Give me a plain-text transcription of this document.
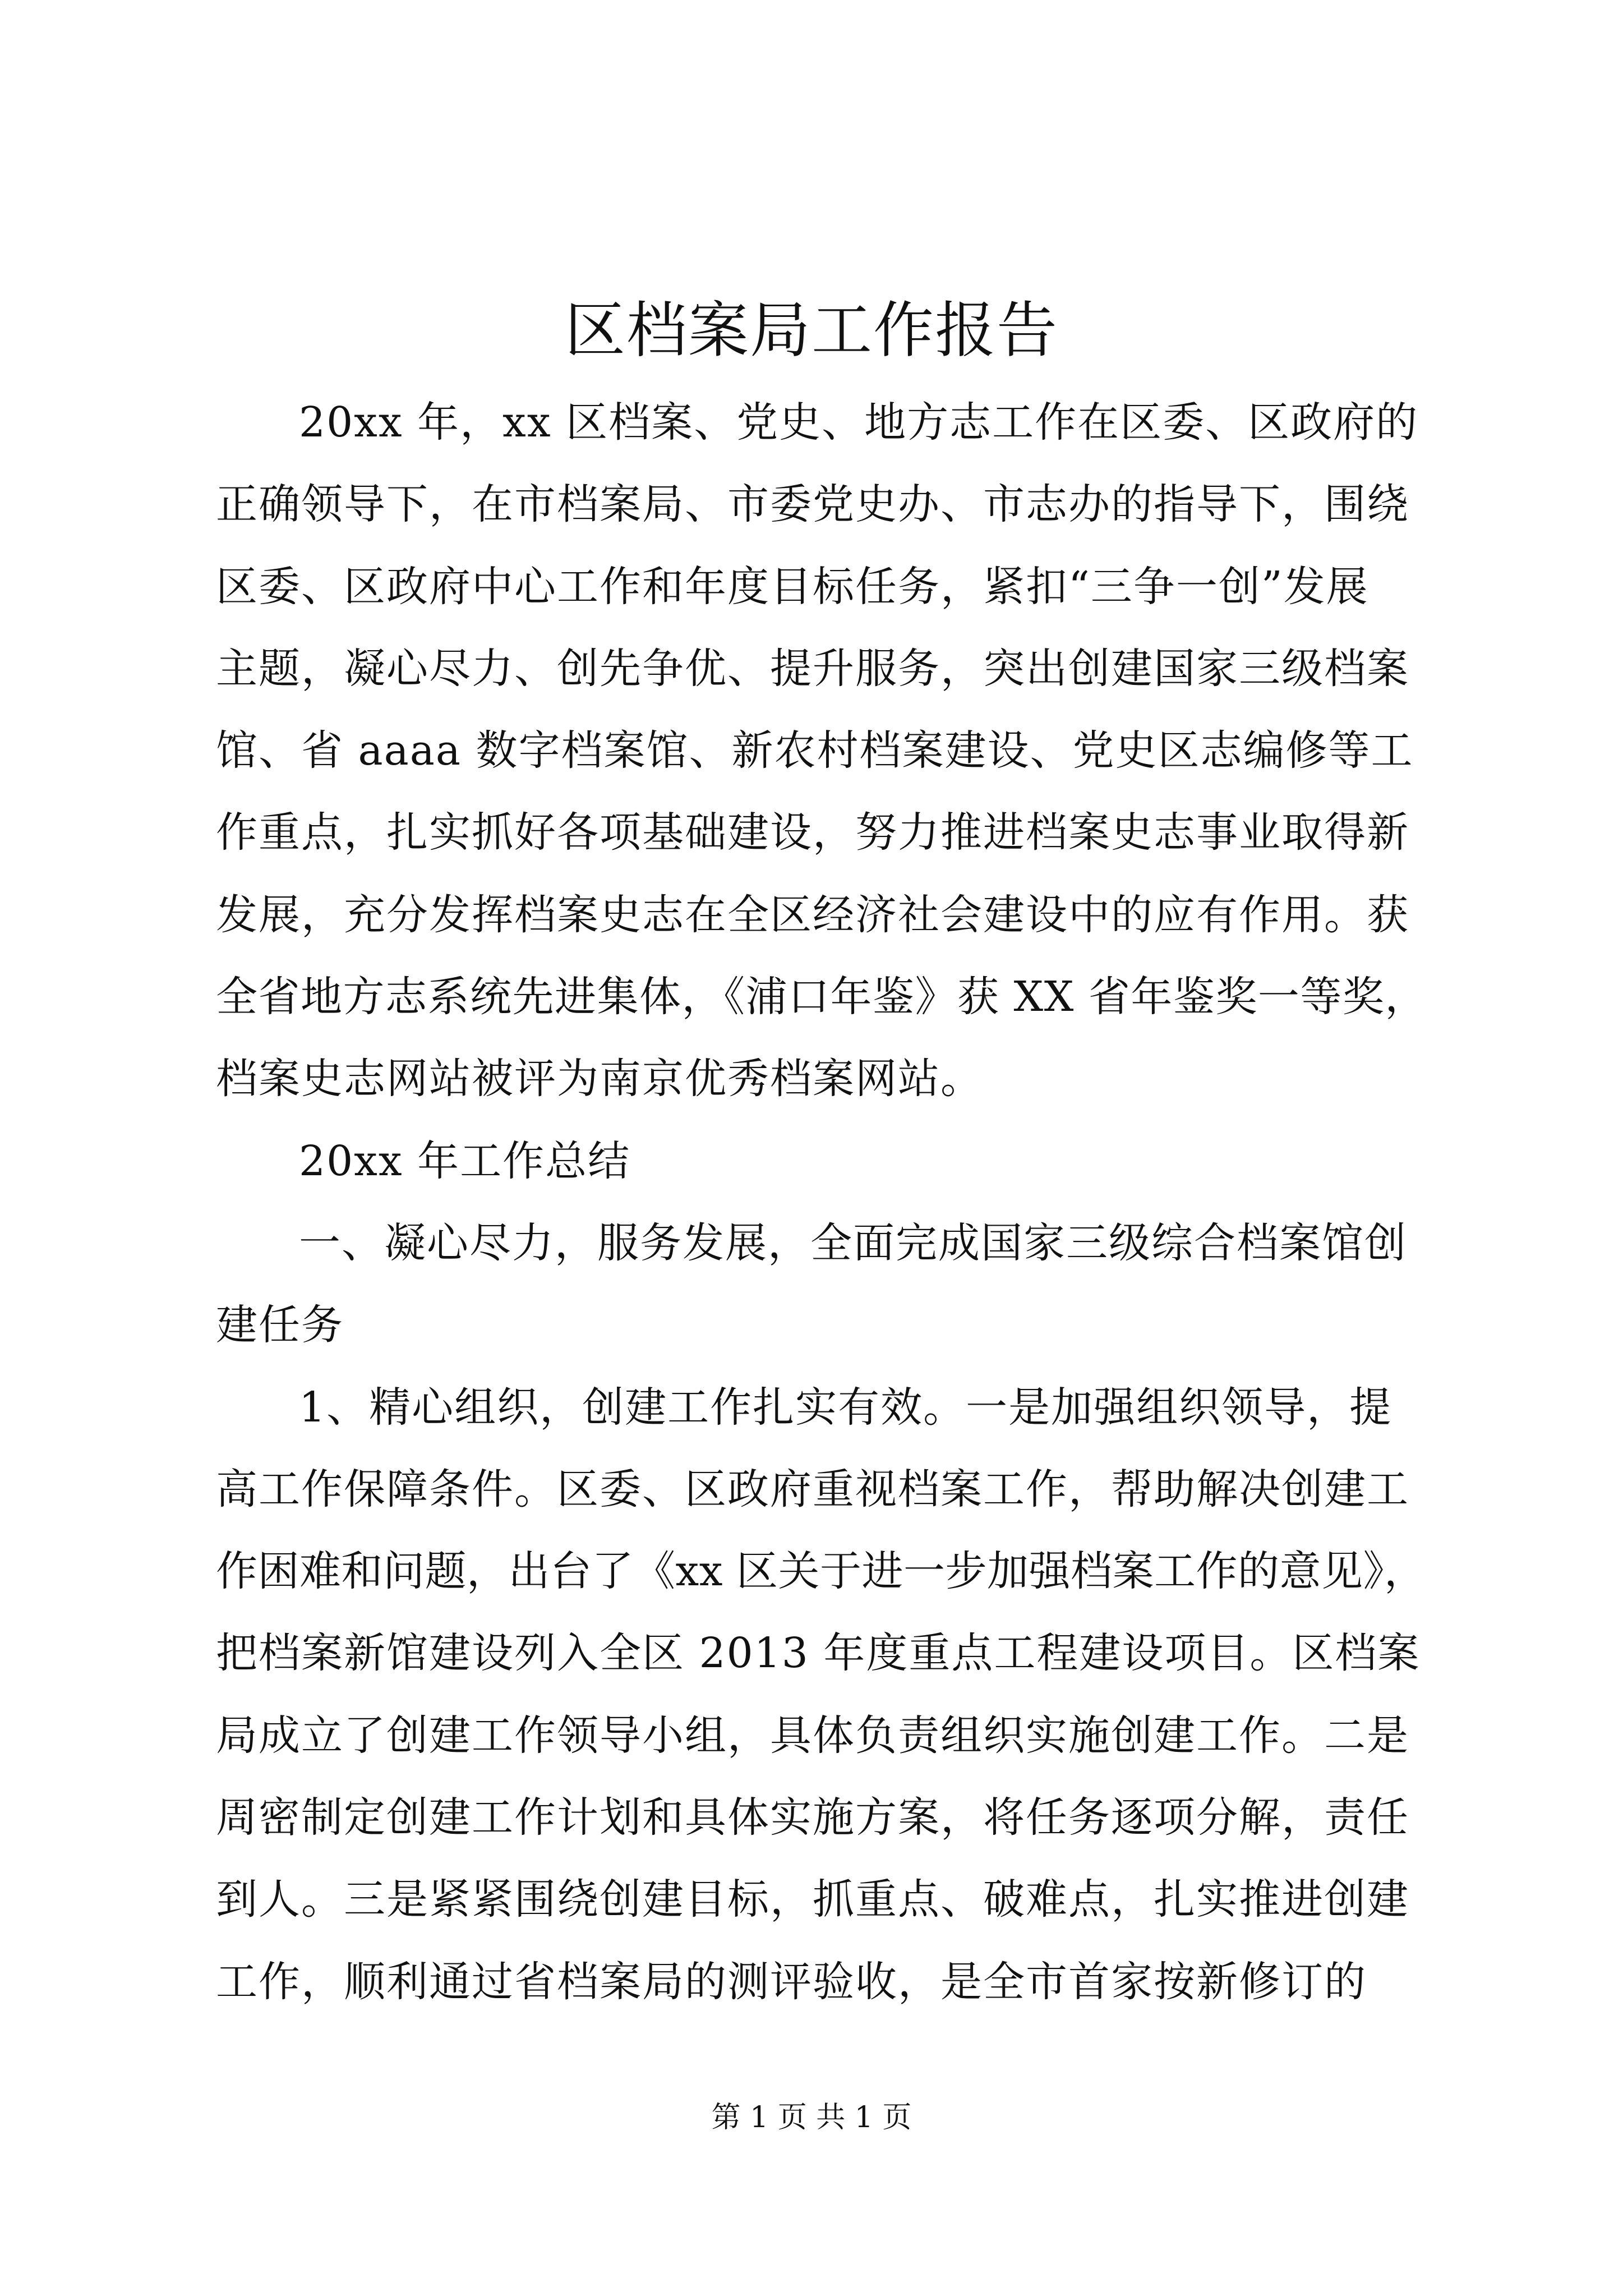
区档案局工作报告

20xx 年，xx 区档案、党史、地方志工作在区委、区政府的
正确领导下，在市档案局、市委党史办、市志办的指导下，围绕
区委、区政府中心工作和年度目标任务，紧扣“三争一创”发展
主题，凝心尽力、创先争优、提升服务，突出创建国家三级档案
馆、省 aaaa 数字档案馆、新农村档案建设、党史区志编修等工
作重点，扎实抓好各项基础建设，努力推进档案史志事业取得新
发展，充分发挥档案史志在全区经济社会建设中的应有作用。获
全省地方志系统先进集体，《浦口年鉴》获 XX 省年鉴奖一等奖，
档案史志网站被评为南京优秀档案网站。

20xx 年工作总结

一、凝心尽力，服务发展，全面完成国家三级综合档案馆创
建任务

1、精心组织，创建工作扎实有效。一是加强组织领导，提
高工作保障条件。区委、区政府重视档案工作，帮助解决创建工
作困难和问题，出台了《xx 区关于进一步加强档案工作的意见》，
把档案新馆建设列入全区 2013 年度重点工程建设项目。区档案
局成立了创建工作领导小组，具体负责组织实施创建工作。二是
周密制定创建工作计划和具体实施方案，将任务逐项分解，责任
到人。三是紧紧围绕创建目标，抓重点、破难点，扎实推进创建
工作，顺利通过省档案局的测评验收，是全市首家按新修订的

第 1 页 共 1 页
